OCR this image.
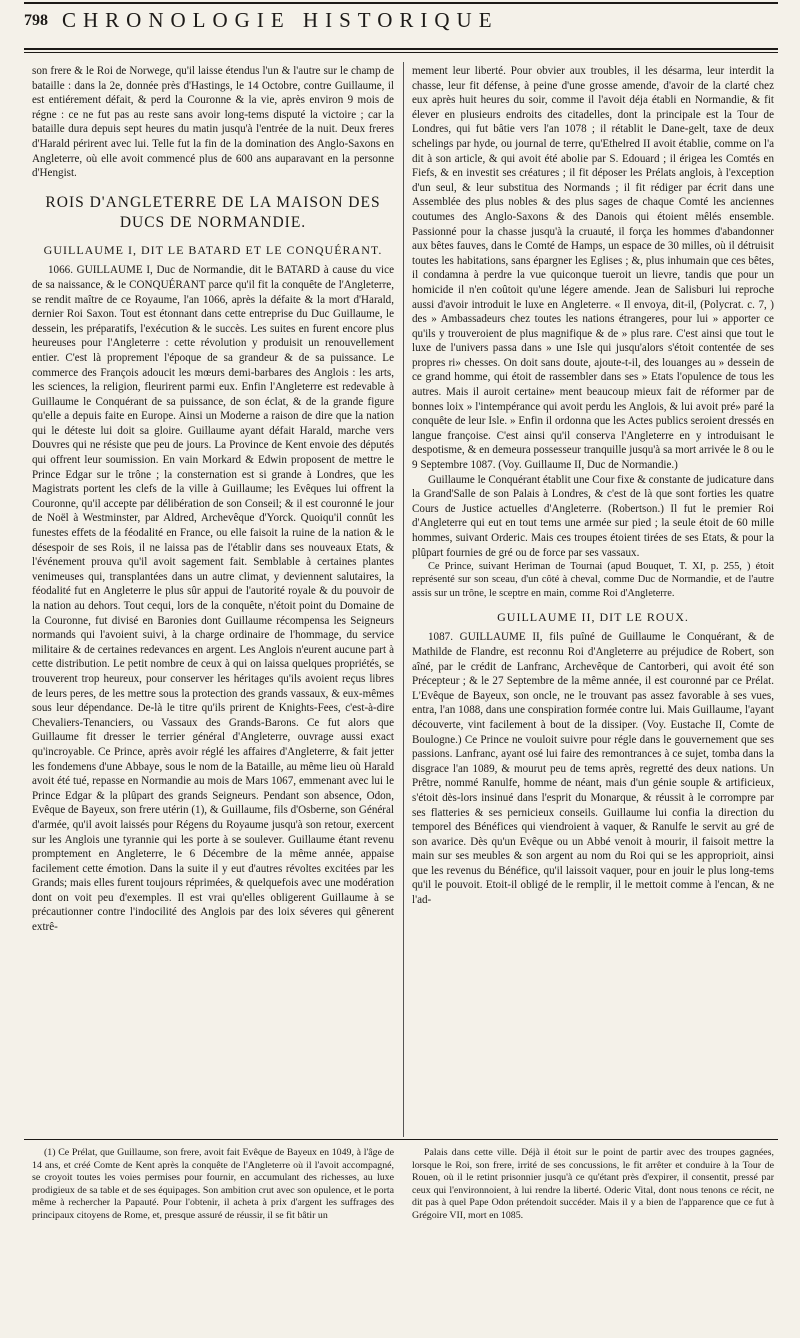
798 CHRONOLOGIE HISTORIQUE

son frere & le Roi de Norwege, qu'il laisse étendus l'un & l'autre sur le champ de bataille : dans la 2e, donnée près d'Hastings, le 14 Octobre, contre Guillaume, il est entiérement défait, & perd la Couronne & la vie, après environ 9 mois de régne : ce ne fut pas au reste sans avoir long-tems disputé la victoire ; car la bataille dura depuis sept heures du matin jusqu'à l'entrée de la nuit. Deux freres d'Harald périrent avec lui. Telle fut la fin de la domination des Anglo-Saxons en Angleterre, où elle avoit commencé plus de 600 ans auparavant en la personne d'Hengist.

ROIS D'ANGLETERRE DE LA MAISON DES DUCS DE NORMANDIE.
GUILLAUME I, DIT LE BATARD ET LE CONQUÉRANT.

1066. GUILLAUME I, Duc de Normandie, dit le BATARD à cause du vice de sa naissance, & le CONQUÉRANT parce qu'il fit la conquête de l'Angleterre, se rendit maître de ce Royaume, l'an 1066, après la défaite & la mort d'Harald, dernier Roi Saxon. Tout est étonnant dans cette entreprise du Duc Guillaume, le dessein, les préparatifs, l'exécution & le succès. Les suites en furent encore plus heureuses pour l'Angleterre : cette révolution y produisit un renouvellement entier. C'est là proprement l'époque de sa grandeur & de sa puissance. Le commerce des François adoucit les mœurs demi-barbares des Anglois : les arts, les sciences, la religion, fleurirent parmi eux. Enfin l'Angleterre est redevable à Guillaume le Conquérant de sa puissance, de son éclat, & de la grande figure qu'elle a depuis faite en Europe. Ainsi un Moderne a raison de dire que la nation qui le déteste lui doit sa gloire. Guillaume ayant défait Harald, marche vers Douvres qui ne résiste que peu de jours. La Province de Kent envoie des députés qui offrent leur soumission. En vain Morkard & Edwin proposent de mettre le Prince Edgar sur le trône ; la consternation est si grande à Londres, que les Magistrats portent les clefs de la ville à Guillaume; les Evêques lui offrent la Couronne, qu'il accepte par délibération de son Conseil; & il est couronné le jour de Noël à Westminster, par Aldred, Archevêque d'Yorck. Quoiqu'il connût les funestes effets de la féodalité en France, ou elle faisoit la ruine de la nation & le désespoir de ses Rois, il ne laissa pas de l'établir dans ses nouveaux Etats, & l'événement prouva qu'il avoit sagement fait. Semblable à certaines plantes venimeuses qui, transplantées dans un autre climat, y deviennent salutaires, la féodalité fut en Angleterre le plus sûr appui de l'autorité royale & du pouvoir de la nation au dehors. Tout cequi, lors de la conquête, n'étoit point du Domaine de la Couronne, fut divisé en Baronies dont Guillaume récompensa les Seigneurs normands qui l'avoient suivi, à la charge ordinaire de l'hommage, du service militaire & de certaines redevances en argent. Les Anglois n'eurent aucune part à cette distribution. Le petit nombre de ceux à qui on laissa quelques propriétés, se trouverent trop heureux, pour conserver les héritages qu'ils avoient reçus libres de leurs peres, de les mettre sous la protection des grands vassaux, & eux-mêmes sous leur dépendance. De-là le titre qu'ils prirent de Knights-Fees, c'est-à-dire Chevaliers-Tenanciers, ou Vassaux des Grands-Barons. Ce fut alors que Guillaume fit dresser le terrier général d'Angleterre, ouvrage aussi exact qu'incroyable. Ce Prince, après avoir réglé les affaires d'Angleterre, & fait jetter les fondemens d'une Abbaye, sous le nom de la Bataille, au même lieu où Harald avoit été tué, repasse en Normandie au mois de Mars 1067, emmenant avec lui le Prince Edgar & la plûpart des grands Seigneurs. Pendant son absence, Odon, Evêque de Bayeux, son frere utérin (1), & Guillaume, fils d'Osberne, son Général d'armée, qu'il avoit laissés pour Régens du Royaume jusqu'à son retour, exercent sur les Anglois une tyrannie qui les porte à se soulever. Guillaume étant revenu promptement en Angleterre, le 6 Décembre de la même année, appaise facilement cette émotion. Dans la suite il y eut d'autres révoltes excitées par les Grands; mais elles furent toujours réprimées, & quelquefois avec une modération dont on voit peu d'exemples. Il est vrai qu'elles obligerent Guillaume à se précautionner contre l'indocilité des Anglois par des loix séveres qui gênerent extrê-

mement leur liberté. Pour obvier aux troubles, il les désarma, leur interdit la chasse, leur fit défense, à peine d'une grosse amende, d'avoir de la clarté chez eux après huit heures du soir, comme il l'avoit déja établi en Normandie, & fit élever en plusieurs endroits des citadelles, dont la principale est la Tour de Londres, qui fut bâtie vers l'an 1078 ; il rétablit le Dane-gelt, taxe de deux schelings par hyde, ou journal de terre, qu'Ethelred II avoit établie, comme on l'a dit à son article, & qui avoit été abolie par S. Edouard ; il érigea les Comtés en Fiefs, & en investit ses créatures ; il fit déposer les Prélats anglois, à l'exception d'un seul, & leur substitua des Normands ; il fit rédiger par écrit dans une Assemblée des plus nobles & des plus sages de chaque Comté les anciennes coutumes des Anglo-Saxons & des Danois qui étoient mêlés ensemble. Passionné pour la chasse jusqu'à la cruauté, il força les hommes d'abandonner aux bêtes fauves, dans le Comté de Hamps, un espace de 30 milles, où il détruisit toutes les habitations, sans épargner les Eglises ; &, plus inhumain que ces bêtes, il condamna à perdre la vue quiconque tueroit un lievre, tandis que pour un homicide il n'en coûtoit qu'une légere amende. Jean de Salisburi lui reproche aussi d'avoir introduit le luxe en Angleterre. « Il envoya, dit-il, (Polycrat. c. 7, ) des » Ambassadeurs chez toutes les nations étrangeres, pour lui » apporter ce qu'ils y trouveroient de plus magnifique & de » plus rare. C'est ainsi que tout le luxe de l'univers passa dans » une Isle qui jusqu'alors s'étoit contentée de ses propres ri» chesses. On doit sans doute, ajoute-t-il, des louanges au » dessein de ce grand homme, qui étoit de rassembler dans ses » Etats l'opulence de tous les autres. Mais il auroit certaine» ment beaucoup mieux fait de réformer par de bonnes loix » l'intempérance qui avoit perdu les Anglois, & lui avoit pré» paré la conquête de leur Isle. » Enfin il ordonna que les Actes publics seroient dressés en langue françoise. C'est ainsi qu'il conserva l'Angleterre en y introduisant le despotisme, & en demeura possesseur tranquille jusqu'à sa mort arrivée le 8 ou le 9 Septembre 1087. (Voy. Guillaume II, Duc de Normandie.)

Guillaume le Conquérant établit une Cour fixe & constante de judicature dans la Grand'Salle de son Palais à Londres, & c'est de là que sont forties les quatre Cours de Justice actuelles d'Angleterre. (Robertson.) Il fut le premier Roi d'Angleterre qui eut en tout tems une armée sur pied ; la seule étoit de 60 mille hommes, suivant Orderic. Mais ces troupes étoient tirées de ses Etats, & pour la plûpart fournies de gré ou de force par ses vassaux.

Ce Prince, suivant Heriman de Tournai (apud Bouquet, T. XI, p. 255, ) étoit représenté sur son sceau, d'un côté à cheval, comme Duc de Normandie, et de l'autre assis sur un trône, le sceptre en main, comme Roi d'Angleterre.

GUILLAUME II, DIT LE ROUX.

1087. GUILLAUME II, fils puîné de Guillaume le Conquérant, & de Mathilde de Flandre, est reconnu Roi d'Angleterre au préjudice de Robert, son aîné, par le crédit de Lanfranc, Archevêque de Cantorberi, qui avoit été son Précepteur ; & le 27 Septembre de la même année, il est couronné par ce Prélat. L'Evêque de Bayeux, son oncle, ne le trouvant pas assez favorable à ses vues, entra, l'an 1088, dans une conspiration formée contre lui. Mais Guillaume, l'ayant découverte, vint facilement à bout de la dissiper. (Voy. Eustache II, Comte de Boulogne.) Ce Prince ne vouloit suivre pour régle dans le gouvernement que ses passions. Lanfranc, ayant osé lui faire des remontrances à ce sujet, tomba dans la disgrace l'an 1089, & mourut peu de tems après, regretté des deux nations. Un Prêtre, nommé Ranulfe, homme de néant, mais d'un génie souple & artificieux, s'étoit dès-lors insinué dans l'esprit du Monarque, & réussit à le corrompre par ses flatteries & ses pernicieux conseils. Guillaume lui confia la direction du temporel des Bénéfices qui viendroient à vaquer, & Ranulfe le servit au gré de son avarice. Dès qu'un Evêque ou un Abbé venoit à mourir, il faisoit mettre la main sur ses meubles & son argent au nom du Roi qui se les approprioit, ainsi que les revenus du Bénéfice, qu'il laissoit vaquer, pour en jouir le plus long-tems qu'il le pouvoit. Etoit-il obligé de le remplir, il le mettoit comme à l'encan, & ne l'ad-

(1) Ce Prélat, que Guillaume, son frere, avoit fait Evêque de Bayeux en 1049, à l'âge de 14 ans, et créé Comte de Kent après la conquête de l'Angleterre où il l'avoit accompagné, se croyoit toutes les voies permises pour fournir, en accumulant des richesses, au luxe prodigieux de sa table et de ses équipages. Son ambition crut avec son opulence, et le porta même à rechercher la Papauté. Pour l'obtenir, il acheta à prix d'argent les suffrages des principaux citoyens de Rome, et, presque assuré de réussir, il se fit bâtir un

Palais dans cette ville. Déjà il étoit sur le point de partir avec des troupes gagnées, lorsque le Roi, son frere, irrité de ses concussions, le fit arrêter et conduire à la Tour de Rouen, où il le retint prisonnier jusqu'à ce qu'étant près d'expirer, il consentit, pressé par ceux qui l'environnoient, à lui rendre la liberté. Oderic Vital, dont nous tenons ce récit, ne dit pas à quel Pape Odon prétendoit succéder. Mais il y a bien de l'apparence que ce fut à Grégoire VII, mort en 1085.
